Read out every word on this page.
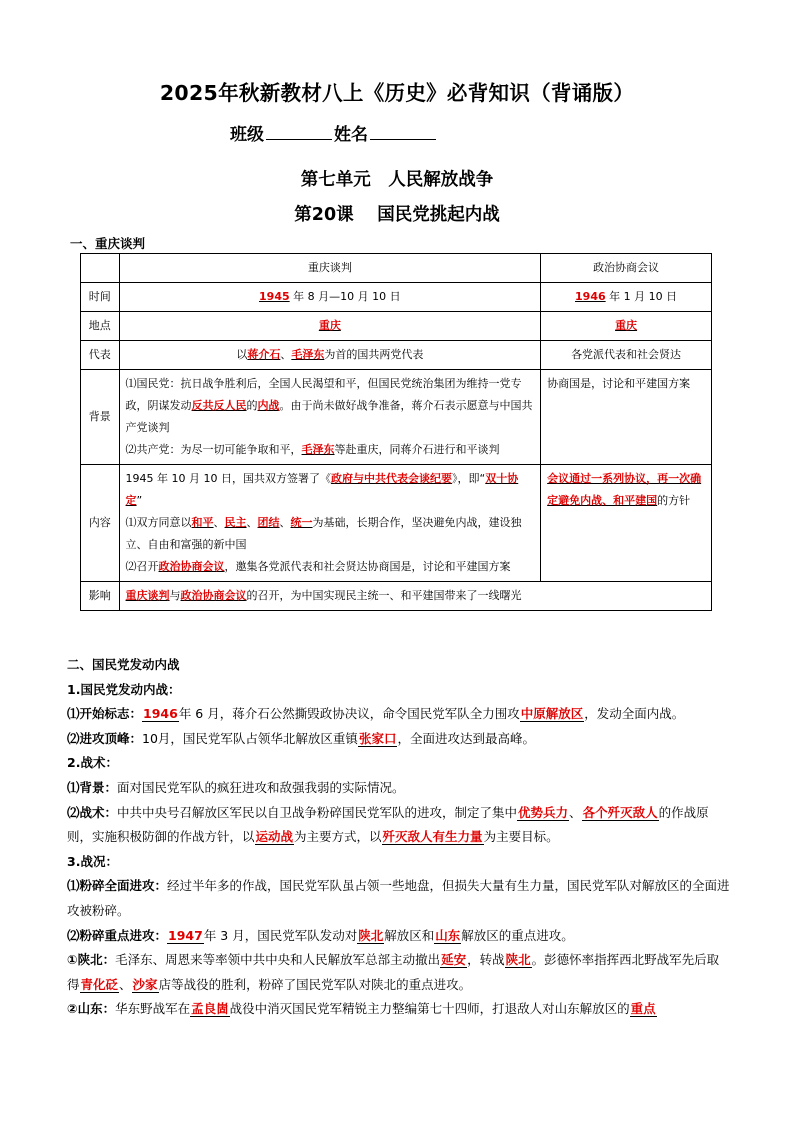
2025年秋新教材八上《历史》必背知识（背诵版）
班级	姓名
第七单元　人民解放战争
第20课　 国民党挑起内战
一、重庆谈判
	重庆谈判	政治协商会议
时间	1945 年 8 月—10 月 10 日	1946 年 1 月 10 日
地点	重庆	重庆
代表	以蒋介石、毛泽东为首的国共两党代表	各党派代表和社会贤达
背景	⑴国民党：抗日战争胜利后，全国人民渴望和平，但国民党统治集团为维持一党专政，阴谋发动反共反人民的内战。由于尚未做好战争准备，蒋介石表示愿意与中国共产党谈判
⑵共产党：为尽一切可能争取和平，毛泽东等赴重庆，同蒋介石进行和平谈判	协商国是，讨论和平建国方案
内容	1945 年 10 月 10 日，国共双方签署了《政府与中共代表会谈纪要》，即“双十协定”
⑴双方同意以和平、民主、团结、统一为基础，长期合作，坚决避免内战，建设独立、自由和富强的新中国
⑵召开政治协商会议，邀集各党派代表和社会贤达协商国是，讨论和平建国方案	会议通过一系列协议，再一次确定避免内战、和平建国的方针
影响	重庆谈判与政治协商会议的召开，为中国实现民主统一、和平建国带来了一线曙光	

二、国民党发动内战

1.国民党发动内战：

⑴开始标志：1946年 6 月，蒋介石公然撕毁政协决议，命令国民党军队全力围攻中原解放区，发动全面内战。

⑵进攻顶峰：10月，国民党军队占领华北解放区重镇张家口，全面进攻达到最高峰。

2.战术：

⑴背景：面对国民党军队的疯狂进攻和敌强我弱的实际情况。

⑵战术：中共中央号召解放区军民以自卫战争粉碎国民党军队的进攻，制定了集中优势兵力、各个歼灭敌人的作战原则，实施积极防御的作战方针，以运动战为主要方式，以歼灭敌人有生力量为主要目标。

3.战况：

⑴粉碎全面进攻：经过半年多的作战，国民党军队虽占领一些地盘，但损失大量有生力量，国民党军队对解放区的全面进攻被粉碎。

⑵粉碎重点进攻：1947年 3 月，国民党军队发动对陕北解放区和山东解放区的重点进攻。

①陕北：毛泽东、周恩来等率领中共中央和人民解放军总部主动撤出延安，转战陕北。彭德怀率指挥西北野战军先后取得青化砭、沙家店等战役的胜利，粉碎了国民党军队对陕北的重点进攻。

②山东：华东野战军在孟良崮战役中消灭国民党军精锐主力整编第七十四师，打退敌人对山东解放区的重点
